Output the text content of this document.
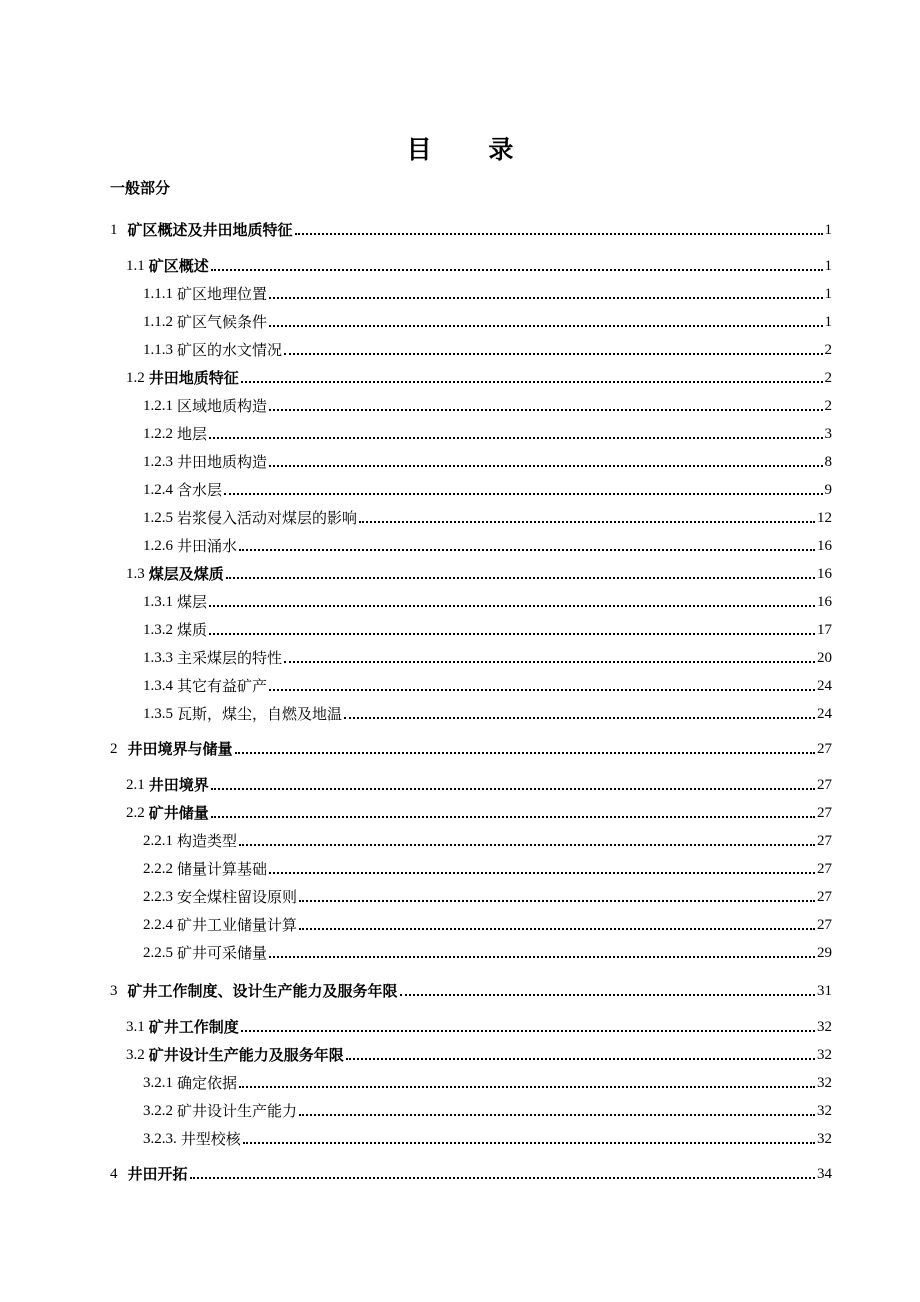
目 录
一般部分
1 矿区概述及井田地质特征	1
1.1 矿区概述	1
1.1.1 矿区地理位置	1
1.1.2 矿区气候条件	1
1.1.3 矿区的水文情况	2
1.2 井田地质特征	2
1.2.1 区域地质构造	2
1.2.2 地层	3
1.2.3 井田地质构造	8
1.2.4 含水层	9
1.2.5 岩浆侵入活动对煤层的影响	12
1.2.6 井田涌水	16
1.3 煤层及煤质	16
1.3.1 煤层	16
1.3.2 煤质	17
1.3.3 主采煤层的特性	20
1.3.4 其它有益矿产	24
1.3.5 瓦斯，煤尘，自燃及地温	24
2 井田境界与储量	27
2.1 井田境界	27
2.2 矿井储量	27
2.2.1 构造类型	27
2.2.2 储量计算基础	27
2.2.3 安全煤柱留设原则	27
2.2.4 矿井工业储量计算	27
2.2.5 矿井可采储量	29
3 矿井工作制度、设计生产能力及服务年限	31
3.1 矿井工作制度	32
3.2 矿井设计生产能力及服务年限	32
3.2.1 确定依据	32
3.2.2 矿井设计生产能力	32
3.2.3. 井型校核	32
4 井田开拓	34
